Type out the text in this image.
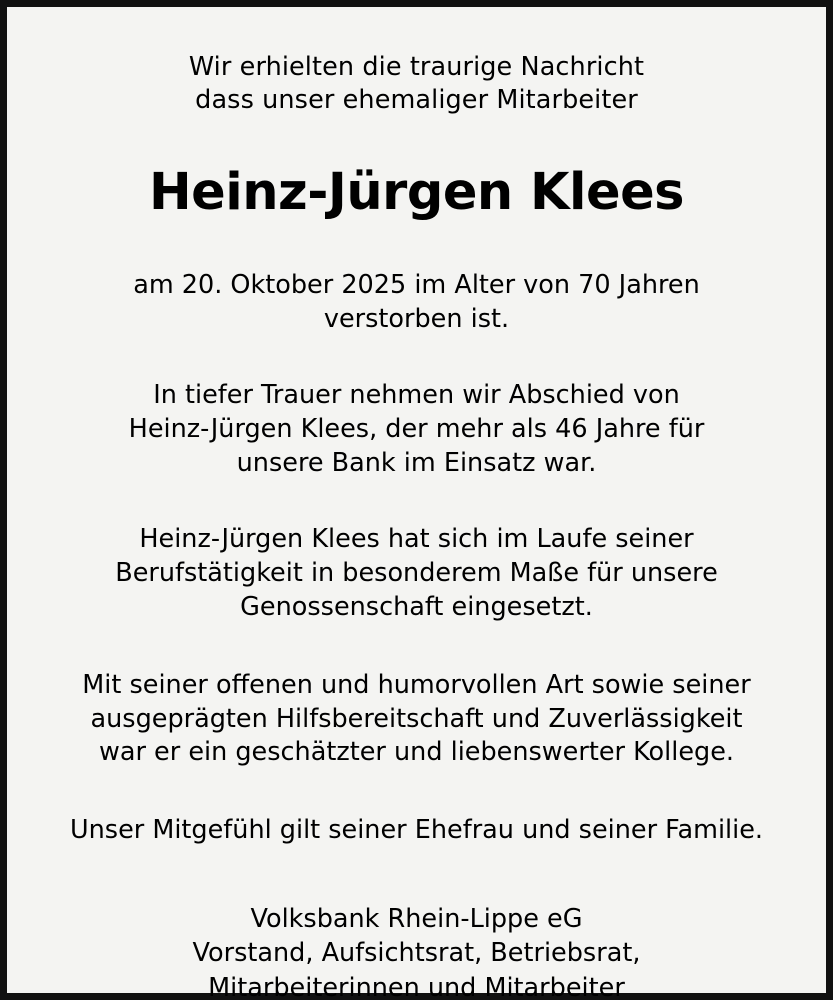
Wir erhielten die traurige Nachricht
dass unser ehemaliger Mitarbeiter

Heinz-Jürgen Klees

am 20. Oktober 2025 im Alter von 70 Jahren
verstorben ist.

In tiefer Trauer nehmen wir Abschied von
Heinz-Jürgen Klees, der mehr als 46 Jahre für
unsere Bank im Einsatz war.

Heinz-Jürgen Klees hat sich im Laufe seiner
Berufstätigkeit in besonderem Maße für unsere
Genossenschaft eingesetzt.

Mit seiner offenen und humorvollen Art sowie seiner
ausgeprägten Hilfsbereitschaft und Zuverlässigkeit
war er ein geschätzter und liebenswerter Kollege.

Unser Mitgefühl gilt seiner Ehefrau und seiner Familie.

Volksbank Rhein-Lippe eG
Vorstand, Aufsichtsrat, Betriebsrat,
Mitarbeiterinnen und Mitarbeiter
